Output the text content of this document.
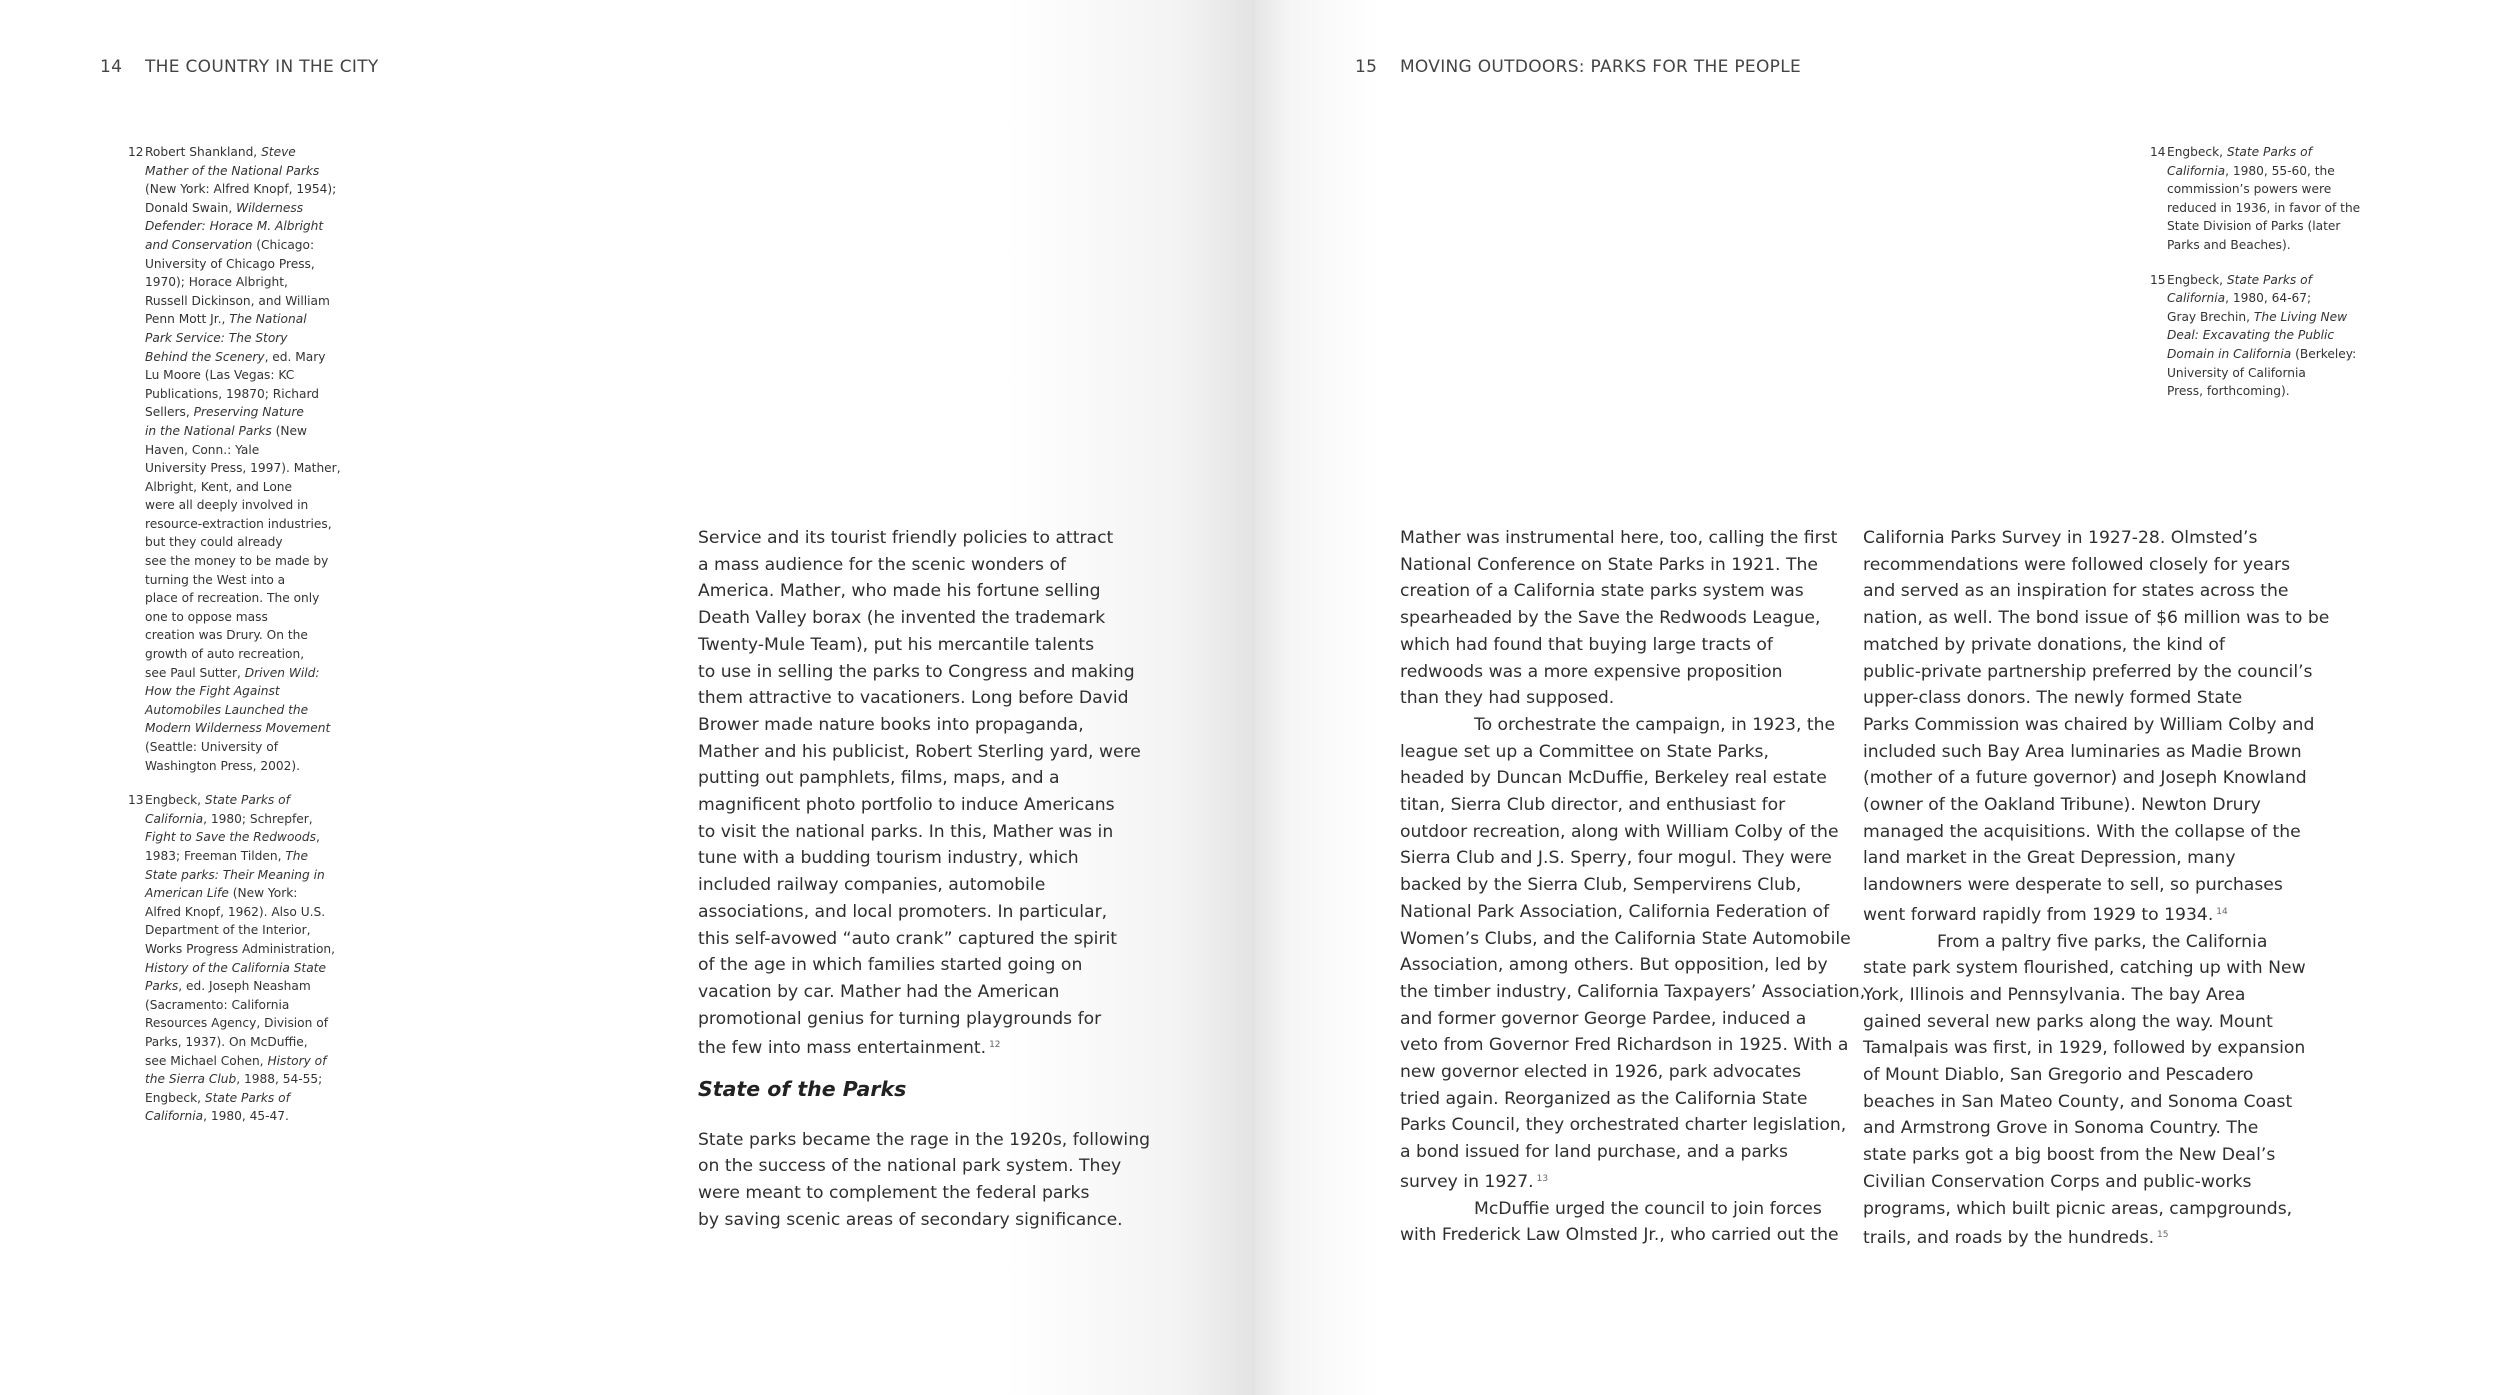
14 THE COUNTRY IN THE CITY
12 Robert Shankland, Steve
Mather of the National Parks
(New York: Alfred Knopf, 1954);
Donald Swain, Wilderness
Defender: Horace M. Albright
and Conservation (Chicago:
University of Chicago Press,
1970); Horace Albright,
Russell Dickinson, and William
Penn Mott Jr., The National
Park Service: The Story
Behind the Scenery, ed. Mary
Lu Moore (Las Vegas: KC
Publications, 19870; Richard
Sellers, Preserving Nature
in the National Parks (New
Haven, Conn.: Yale
University Press, 1997). Mather,
Albright, Kent, and Lone
were all deeply involved in
resource-extraction industries,
but they could already
see the money to be made by
turning the West into a
place of recreation. The only
one to oppose mass
creation was Drury. On the
growth of auto recreation,
see Paul Sutter, Driven Wild:
How the Fight Against
Automobiles Launched the
Modern Wilderness Movement
(Seattle: University of
Washington Press, 2002).
13 Engbeck, State Parks of
California, 1980; Schrepfer,
Fight to Save the Redwoods,
1983; Freeman Tilden, The
State parks: Their Meaning in
American Life (New York:
Alfred Knopf, 1962). Also U.S.
Department of the Interior,
Works Progress Administration,
History of the California State
Parks, ed. Joseph Neasham
(Sacramento: California
Resources Agency, Division of
Parks, 1937). On McDuffie,
see Michael Cohen, History of
the Sierra Club, 1988, 54-55;
Engbeck, State Parks of
California, 1980, 45-47.
Service and its tourist friendly policies to attract
a mass audience for the scenic wonders of
America. Mather, who made his fortune selling
Death Valley borax (he invented the trademark
Twenty-Mule Team), put his mercantile talents
to use in selling the parks to Congress and making
them attractive to vacationers. Long before David
Brower made nature books into propaganda,
Mather and his publicist, Robert Sterling yard, were
putting out pamphlets, films, maps, and a
magnificent photo portfolio to induce Americans
to visit the national parks. In this, Mather was in
tune with a budding tourism industry, which
included railway companies, automobile
associations, and local promoters. In particular,
this self-avowed “auto crank” captured the spirit
of the age in which families started going on
vacation by car. Mather had the American
promotional genius for turning playgrounds for
the few into mass entertainment. $^{12}$
State of the Parks
State parks became the rage in the 1920s, following
on the success of the national park system. They
were meant to complement the federal parks
by saving scenic areas of secondary significance.
15 MOVING OUTDOORS: PARKS FOR THE PEOPLE
14 Engbeck, State Parks of
California, 1980, 55-60, the
commission’s powers were
reduced in 1936, in favor of the
State Division of Parks (later
Parks and Beaches).
15 Engbeck, State Parks of
California, 1980, 64-67;
Gray Brechin, The Living New
Deal: Excavating the Public
Domain in California (Berkeley:
University of California
Press, forthcoming).
Mather was instrumental here, too, calling the first
National Conference on State Parks in 1921. The
creation of a California state parks system was
spearheaded by the Save the Redwoods League,
which had found that buying large tracts of
redwoods was a more expensive proposition
than they had supposed.
To orchestrate the campaign, in 1923, the
league set up a Committee on State Parks,
headed by Duncan McDuffie, Berkeley real estate
titan, Sierra Club director, and enthusiast for
outdoor recreation, along with William Colby of the
Sierra Club and J.S. Sperry, four mogul. They were
backed by the Sierra Club, Sempervirens Club,
National Park Association, California Federation of
Women’s Clubs, and the California State Automobile
Association, among others. But opposition, led by
the timber industry, California Taxpayers’ Association,
and former governor George Pardee, induced a
veto from Governor Fred Richardson in 1925. With a
new governor elected in 1926, park advocates
tried again. Reorganized as the California State
Parks Council, they orchestrated charter legislation,
a bond issued for land purchase, and a parks
survey in 1927. $^{13}$
McDuffie urged the council to join forces
with Frederick Law Olmsted Jr., who carried out the
California Parks Survey in 1927-28. Olmsted’s
recommendations were followed closely for years
and served as an inspiration for states across the
nation, as well. The bond issue of $6 million was to be
matched by private donations, the kind of
public-private partnership preferred by the council’s
upper-class donors. The newly formed State
Parks Commission was chaired by William Colby and
included such Bay Area luminaries as Madie Brown
(mother of a future governor) and Joseph Knowland
(owner of the Oakland Tribune). Newton Drury
managed the acquisitions. With the collapse of the
land market in the Great Depression, many
landowners were desperate to sell, so purchases
went forward rapidly from 1929 to 1934. $^{14}$
From a paltry five parks, the California
state park system flourished, catching up with New
York, Illinois and Pennsylvania. The bay Area
gained several new parks along the way. Mount
Tamalpais was first, in 1929, followed by expansion
of Mount Diablo, San Gregorio and Pescadero
beaches in San Mateo County, and Sonoma Coast
and Armstrong Grove in Sonoma Country. The
state parks got a big boost from the New Deal’s
Civilian Conservation Corps and public-works
programs, which built picnic areas, campgrounds,
trails, and roads by the hundreds. $^{15}$
